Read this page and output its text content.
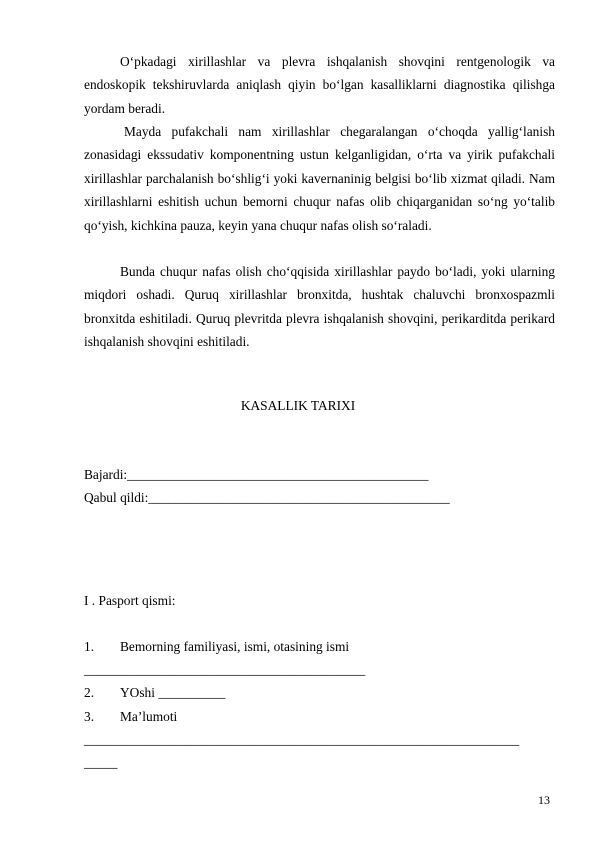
O‘pkadagi xirillashlar va plevra ishqalanish shovqini rentgenologik va endoskopik tekshiruvlarda aniqlash qiyin bo‘lgan kasalliklarni diagnostika qilishga yordam beradi.

Mayda pufakchali nam xirillashlar chegaralangan o‘choqda yallig‘lanish zonasidagi ekssudativ komponentning ustun kelganligidan, o‘rta va yirik pufakchali xirillashlar parchalanish bo‘shlig‘i yoki kavernaninig belgisi bo‘lib xizmat qiladi. Nam xirillashlarni eshitish uchun bemorni chuqur nafas olib chiqarganidan so‘ng yo‘talib qo‘yish, kichkina pauza, keyin yana chuqur nafas olish so‘raladi.

Bunda chuqur nafas olish cho‘qqisida xirillashlar paydo bo‘ladi, yoki ularning miqdori oshadi. Quruq xirillashlar bronxitda, hushtak chaluvchi bronxospazmli bronxitda eshitiladi. Quruq plevritda plevra ishqalanish shovqini, perikarditda perikard ishqalanish shovqini eshitiladi.

KASALLIK TARIXI
Bajardi:_____________________________________________
Qabul qildi:_____________________________________________
I . Pasport qismi:
1. Bemorning familiyasi, ismi, otasining ismi
__________________________________________
2. YOshi __________
3. Ma’lumoti
_________________________________________________________________
_____
13
